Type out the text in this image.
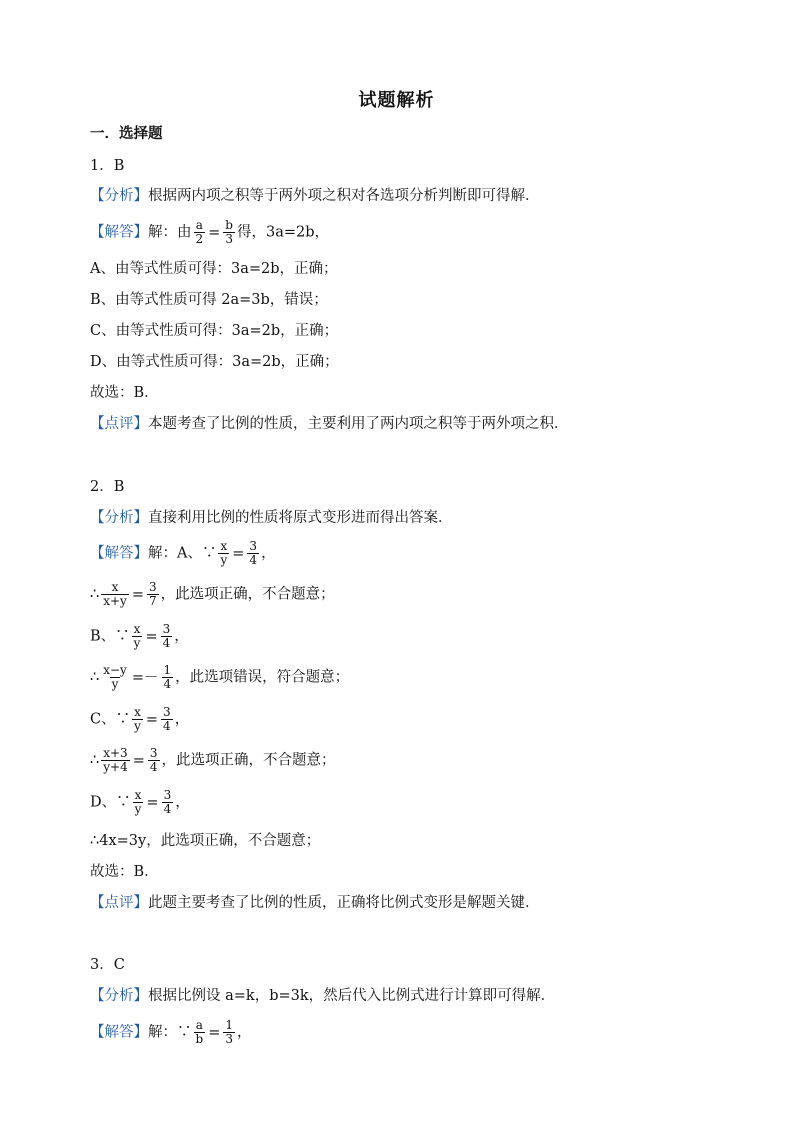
试题解析
一．选择题
1．B
【分析】根据两内项之积等于两外项之积对各选项分析判断即可得解．
【解答】解：由 $\frac{a}{2} = \frac{b}{3}$ 得，3a=2b，
A、由等式性质可得：3a=2b，正确；
B、由等式性质可得 2a=3b，错误；
C、由等式性质可得：3a=2b，正确；
D、由等式性质可得：3a=2b，正确；
故选：B．
【点评】本题考查了比例的性质，主要利用了两内项之积等于两外项之积．
2．B
【分析】直接利用比例的性质将原式变形进而得出答案．
【解答】解：A、∵ $\frac{x}{y} = \frac{3}{4}$ ，
∴ $\frac{x}{x+y} = \frac{3}{7}$ ，此选项正确，不合题意；
B、∵ $\frac{x}{y} = \frac{3}{4}$ ，
∴ $\frac{x-y}{y} =- \frac{1}{4}$ ，此选项错误，符合题意；
C、∵ $\frac{x}{y} = \frac{3}{4}$ ，
∴ $\frac{x+3}{y+4} = \frac{3}{4}$ ，此选项正确，不合题意；
D、∵ $\frac{x}{y} = \frac{3}{4}$ ，
∴4x=3y，此选项正确，不合题意；
故选：B．
【点评】此题主要考查了比例的性质，正确将比例式变形是解题关键．
3．C
【分析】根据比例设 a=k，b=3k，然后代入比例式进行计算即可得解．
【解答】解：∵ $\frac{a}{b} = \frac{1}{3}$ ，
